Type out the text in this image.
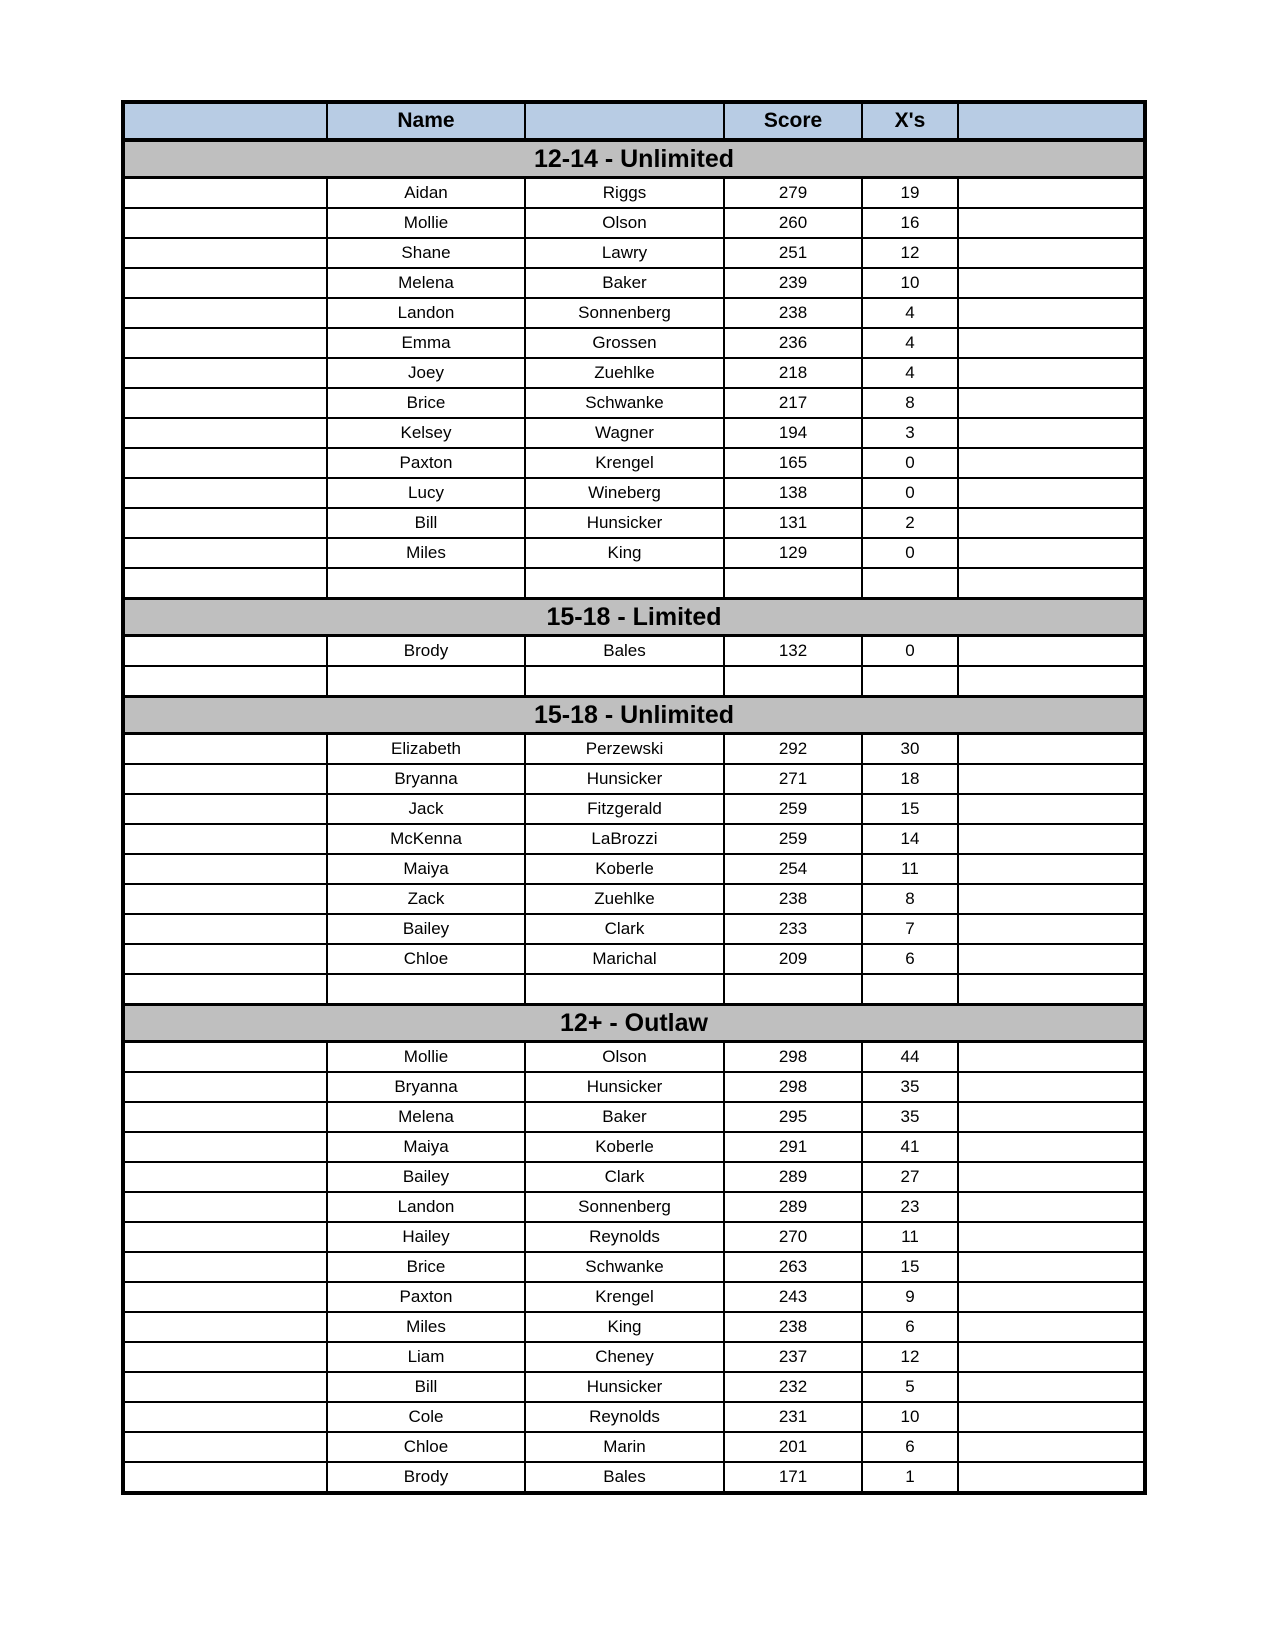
	Name		Score	X's	
12-14 - Unlimited					
	Aidan	Riggs	279	19	
	Mollie	Olson	260	16	
	Shane	Lawry	251	12	
	Melena	Baker	239	10	
	Landon	Sonnenberg	238	4	
	Emma	Grossen	236	4	
	Joey	Zuehlke	218	4	
	Brice	Schwanke	217	8	
	Kelsey	Wagner	194	3	
	Paxton	Krengel	165	0	
	Lucy	Wineberg	138	0	
	Bill	Hunsicker	131	2	
	Miles	King	129	0	

15-18 - Limited					
	Brody	Bales	132	0	

15-18 - Unlimited					
	Elizabeth	Perzewski	292	30	
	Bryanna	Hunsicker	271	18	
	Jack	Fitzgerald	259	15	
	McKenna	LaBrozzi	259	14	
	Maiya	Koberle	254	11	
	Zack	Zuehlke	238	8	
	Bailey	Clark	233	7	
	Chloe	Marichal	209	6	

12+ - Outlaw					
	Mollie	Olson	298	44	
	Bryanna	Hunsicker	298	35	
	Melena	Baker	295	35	
	Maiya	Koberle	291	41	
	Bailey	Clark	289	27	
	Landon	Sonnenberg	289	23	
	Hailey	Reynolds	270	11	
	Brice	Schwanke	263	15	
	Paxton	Krengel	243	9	
	Miles	King	238	6	
	Liam	Cheney	237	12	
	Bill	Hunsicker	232	5	
	Cole	Reynolds	231	10	
	Chloe	Marin	201	6	
	Brody	Bales	171	1	
